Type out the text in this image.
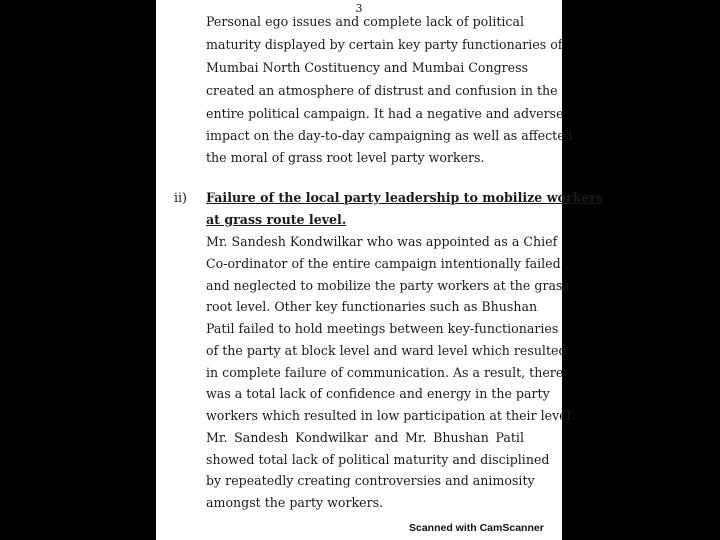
3
Personal ego issues and complete lack of political
maturity displayed by certain key party functionaries of
Mumbai North Costituency and Mumbai Congress
created an atmosphere of distrust and confusion in the
entire political campaign. It had a negative and adverse
impact on the day-to-day campaigning as well as affected
the moral of grass root level party workers.
ii) Failure of the local party leadership to mobilize workers
at grass route level.
Mr. Sandesh Kondwilkar who was appointed as a Chief
Co-ordinator of the entire campaign intentionally failed
and neglected to mobilize the party workers at the grass
root level. Other key functionaries such as Bhushan
Patil failed to hold meetings between key-functionaries
of the party at block level and ward level which resulted
in complete failure of communication. As a result, there
was a total lack of confidence and energy in the party
workers which resulted in low participation at their level.
Mr. Sandesh Kondwilkar and Mr. Bhushan Patil
showed total lack of political maturity and disciplined
by repeatedly creating controversies and animosity
amongst the party workers.
Scanned with CamScanner
